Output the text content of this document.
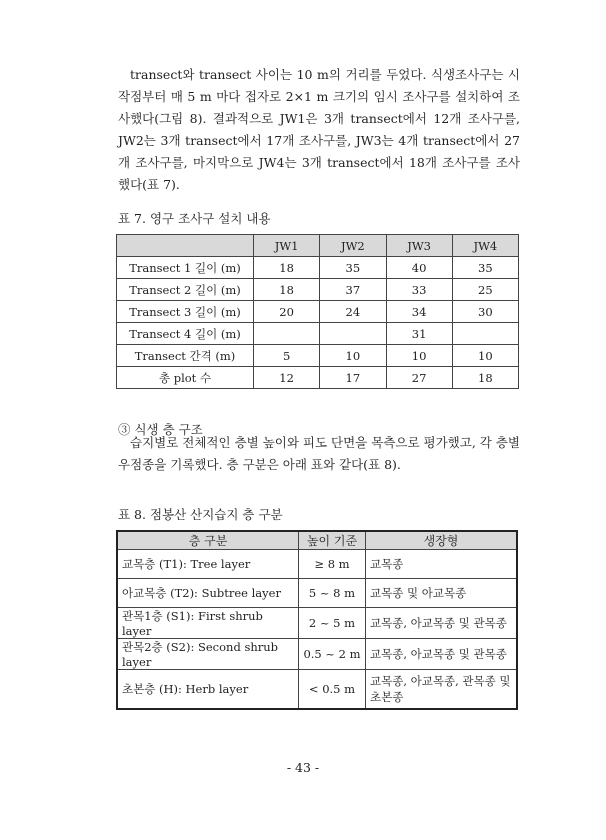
transect와 transect 사이는 10 m의 거리를 두었다. 식생조사구는 시작점부터 매 5 m 마다 접자로 2×1 m 크기의 임시 조사구를 설치하여 조사했다(그림 8). 결과적으로 JW1은 3개 transect에서 12개 조사구를, JW2는 3개 transect에서 17개 조사구를, JW3는 4개 transect에서 27개 조사구를, 마지막으로 JW4는 3개 transect에서 18개 조사구를 조사했다(표 7).
표 7. 영구 조사구 설치 내용
	JW1	JW2	JW3	JW4
Transect 1 길이 (m)	18	35	40	35
Transect 2 길이 (m)	18	37	33	25
Transect 3 길이 (m)	20	24	34	30
Transect 4 길이 (m)			31	
Transect 간격 (m)	5	10	10	10
총 plot 수	12	17	27	18
③ 식생 층 구조
습지별로 전체적인 층별 높이와 피도 단면을 목측으로 평가했고, 각 층별 우점종을 기록했다. 층 구분은 아래 표와 같다(표 8).
표 8. 점봉산 산지습지 층 구분
층 구분	높이 기준	생장형
교목층 (T1): Tree layer	≥ 8 m	교목종
아교목층 (T2): Subtree layer	5 ~ 8 m	교목종 및 아교목종
관목1층 (S1): First shrub layer	2 ~ 5 m	교목종, 아교목종 및 관목종
관목2층 (S2): Second shrub layer	0.5 ~ 2 m	교목종, 아교목종 및 관목종
초본층 (H): Herb layer	< 0.5 m	교목종, 아교목종, 관목종 및 초본종
- 43 -
